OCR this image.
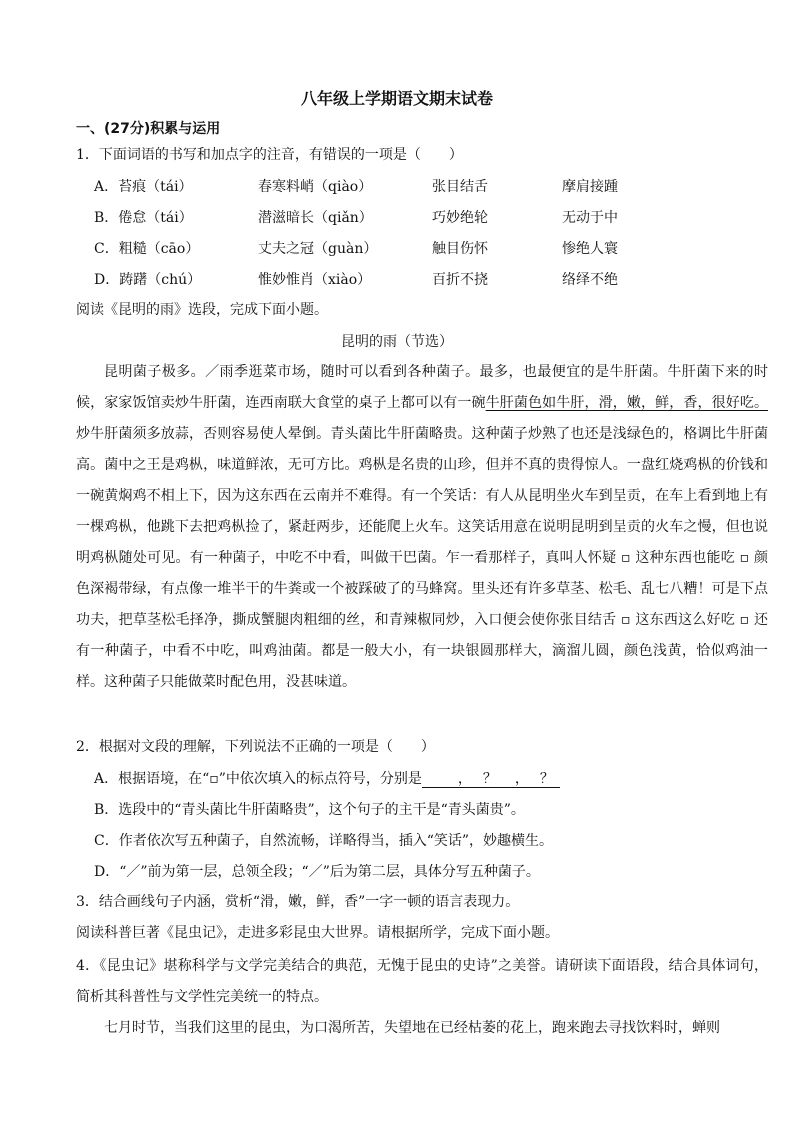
八年级上学期语文期末试卷
一、(27分)积累与运用
1．下面词语的书写和加点字的注音，有错误的一项是（　　）
A．苔痕（tái）	春寒料峭（qiào）	张目结舌	摩肩接踵
B．倦怠（tái）	潜滋暗长（qiǎn）	巧妙绝轮	无动于中
C．粗糙（cāo）	丈夫之冠（guàn）	触目伤怀	惨绝人寰
D．踌躇（chú）	惟妙惟肖（xiào）	百折不挠	络绎不绝
阅读《昆明的雨》选段，完成下面小题。
昆明的雨（节选）

昆明菌子极多。／雨季逛菜市场，随时可以看到各种菌子。最多，也最便宜的是牛肝菌。牛肝菌下来的时候，家家饭馆卖炒牛肝菌，连西南联大食堂的桌子上都可以有一碗牛肝菌色如牛肝，滑，嫩，鲜，香，很好吃。炒牛肝菌须多放蒜，否则容易使人晕倒。青头菌比牛肝菌略贵。这种菌子炒熟了也还是浅绿色的，格调比牛肝菌高。菌中之王是鸡枞，味道鲜浓，无可方比。鸡枞是名贵的山珍，但并不真的贵得惊人。一盘红烧鸡枞的价钱和一碗黄焖鸡不相上下，因为这东西在云南并不难得。有一个笑话：有人从昆明坐火车到呈贡，在车上看到地上有一棵鸡枞，他跳下去把鸡枞捡了，紧赶两步，还能爬上火车。这笑话用意在说明昆明到呈贡的火车之慢，但也说明鸡枞随处可见。有一种菌子，中吃不中看，叫做干巴菌。乍一看那样子，真叫人怀疑 ▫ 这种东西也能吃 ▫ 颜色深褐带绿，有点像一堆半干的牛粪或一个被踩破了的马蜂窝。里头还有许多草茎、松毛、乱七八糟！可是下点功夫，把草茎松毛择净，撕成蟹腿肉粗细的丝，和青辣椒同炒，入口便会使你张目结舌 ▫ 这东西这么好吃 ▫ 还有一种菌子，中看不中吃，叫鸡油菌。都是一般大小，有一块银圆那样大，滴溜儿圆，颜色浅黄，恰似鸡油一样。这种菌子只能做菜时配色用，没甚味道。

2．根据对文段的理解，下列说法不正确的一项是（　　）
A．根据语境，在“▫”中依次填入的标点符号，分别是　　，　？　，　？
B．选段中的“青头菌比牛肝菌略贵”，这个句子的主干是“青头菌贵”。
C．作者依次写五种菌子，自然流畅，详略得当，插入“笑话”，妙趣横生。
D．“／”前为第一层，总领全段；“／”后为第二层，具体分写五种菌子。
3．结合画线句子内涵，赏析“滑，嫩，鲜，香”一字一顿的语言表现力。
阅读科普巨著《昆虫记》，走进多彩昆虫大世界。请根据所学，完成下面小题。

4．《昆虫记》堪称科学与文学完美结合的典范，无愧于昆虫的史诗”之美誉。请研读下面语段，结合具体词句，简析其科普性与文学性完美统一的特点。

七月时节，当我们这里的昆虫，为口渴所苦，失望地在已经枯萎的花上，跑来跑去寻找饮料时，蝉则
